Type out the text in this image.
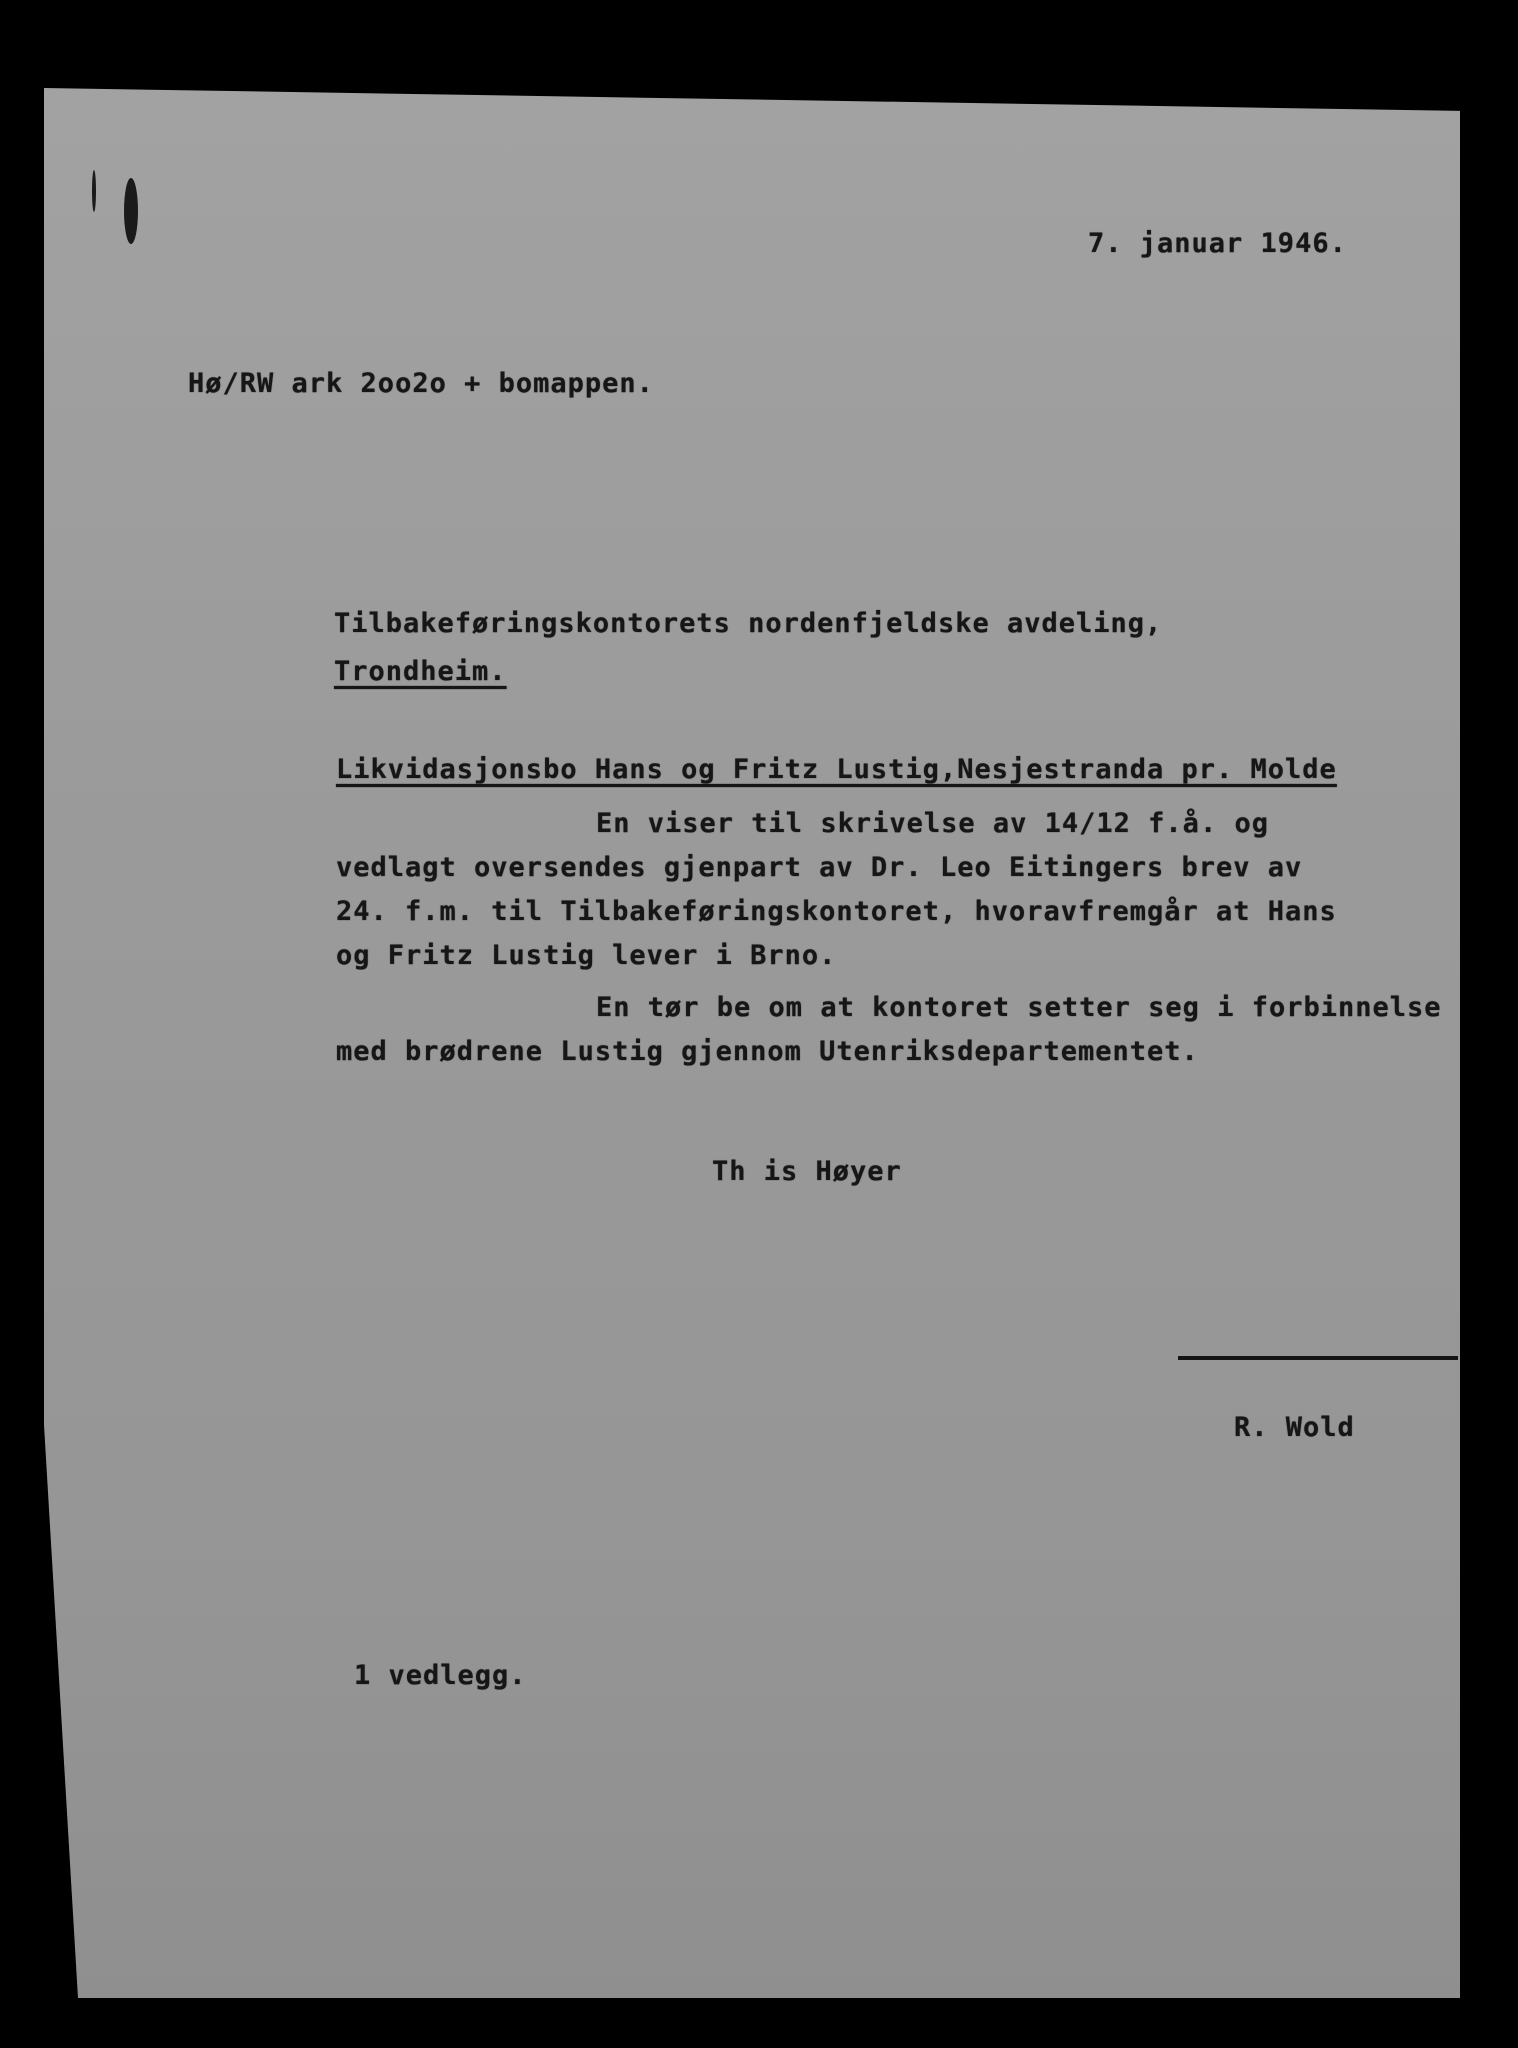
7. januar 1946.
Hø/RW ark 2oo2o + bomappen.
Tilbakeføringskontorets nordenfjeldske avdeling,
Trondheim.
Likvidasjonsbo Hans og Fritz Lustig,Nesjestranda pr. Molde
En viser til skrivelse av 14/12 f.å. og
vedlagt oversendes gjenpart av Dr. Leo Eitingers brev av
24. f.m. til Tilbakeføringskontoret, hvoravfremgår at Hans
og Fritz Lustig lever i Brno.
En tør be om at kontoret setter seg i forbinnelse
med brødrene Lustig gjennom Utenriksdepartementet.
Th is Høyer
R. Wold
1 vedlegg.
